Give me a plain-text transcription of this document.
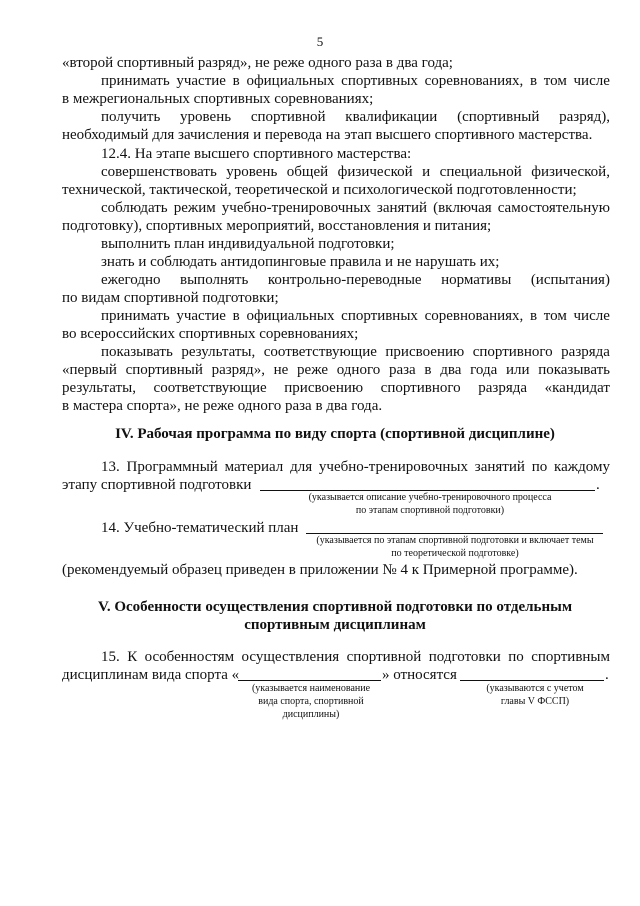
5
«второй спортивный разряд», не реже одного раза в два года;
принимать участие в официальных спортивных соревнованиях, в том числе
в межрегиональных спортивных соревнованиях;
получить уровень спортивной квалификации (спортивный разряд),
необходимый для зачисления и перевода на этап высшего спортивного мастерства.
12.4. На этапе высшего спортивного мастерства:
совершенствовать уровень общей физической и специальной физической,
технической, тактической, теоретической и психологической подготовленности;
соблюдать режим учебно-тренировочных занятий (включая самостоятельную
подготовку), спортивных мероприятий, восстановления и питания;
выполнить план индивидуальной подготовки;
знать и соблюдать антидопинговые правила и не нарушать их;
ежегодно выполнять контрольно-переводные нормативы (испытания)
по видам спортивной подготовки;
принимать участие в официальных спортивных соревнованиях, в том числе
во всероссийских спортивных соревнованиях;
показывать результаты, соответствующие присвоению спортивного разряда
«первый спортивный разряд», не реже одного раза в два года или показывать
результаты, соответствующие присвоению спортивного разряда «кандидат
в мастера спорта», не реже одного раза в два года.
IV. Рабочая программа по виду спорта (спортивной дисциплине)
13. Программный материал для учебно-тренировочных занятий по каждому
этапу спортивной подготовки	.
(указывается описание учебно-тренировочного процесса
по этапам спортивной подготовки)
14. Учебно-тематический план
(указывается по этапам спортивной подготовки и включает темы
по теоретической подготовке)
(рекомендуемый образец приведен в приложении № 4 к Примерной программе).
V. Особенности осуществления спортивной подготовки по отдельным
спортивным дисциплинам
15. К особенностям осуществления спортивной подготовки по спортивным
дисциплинам вида спорта «	» относятся	.
(указывается наименование
вида спорта, спортивной
дисциплины)
(указываются с учетом
главы V ФССП)
